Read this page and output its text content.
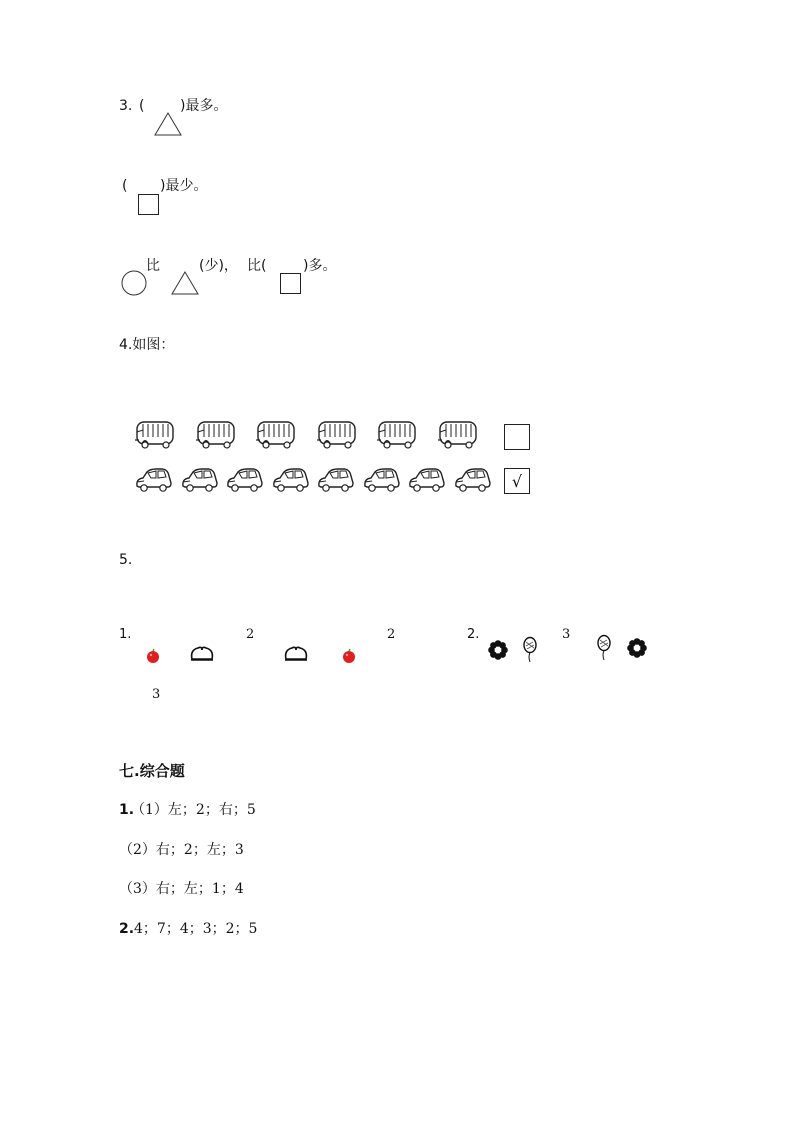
3. (	)最多。
( )最少。
比	(少)， 比(	)多。
4.如图：
√
5.
1.	2	2
3
2.	3
七.综合题
1.
（1）左；2；右；5
（2）右；2；左；3
（3）右；左；1；4
2. 4；7；4；3；2；5
